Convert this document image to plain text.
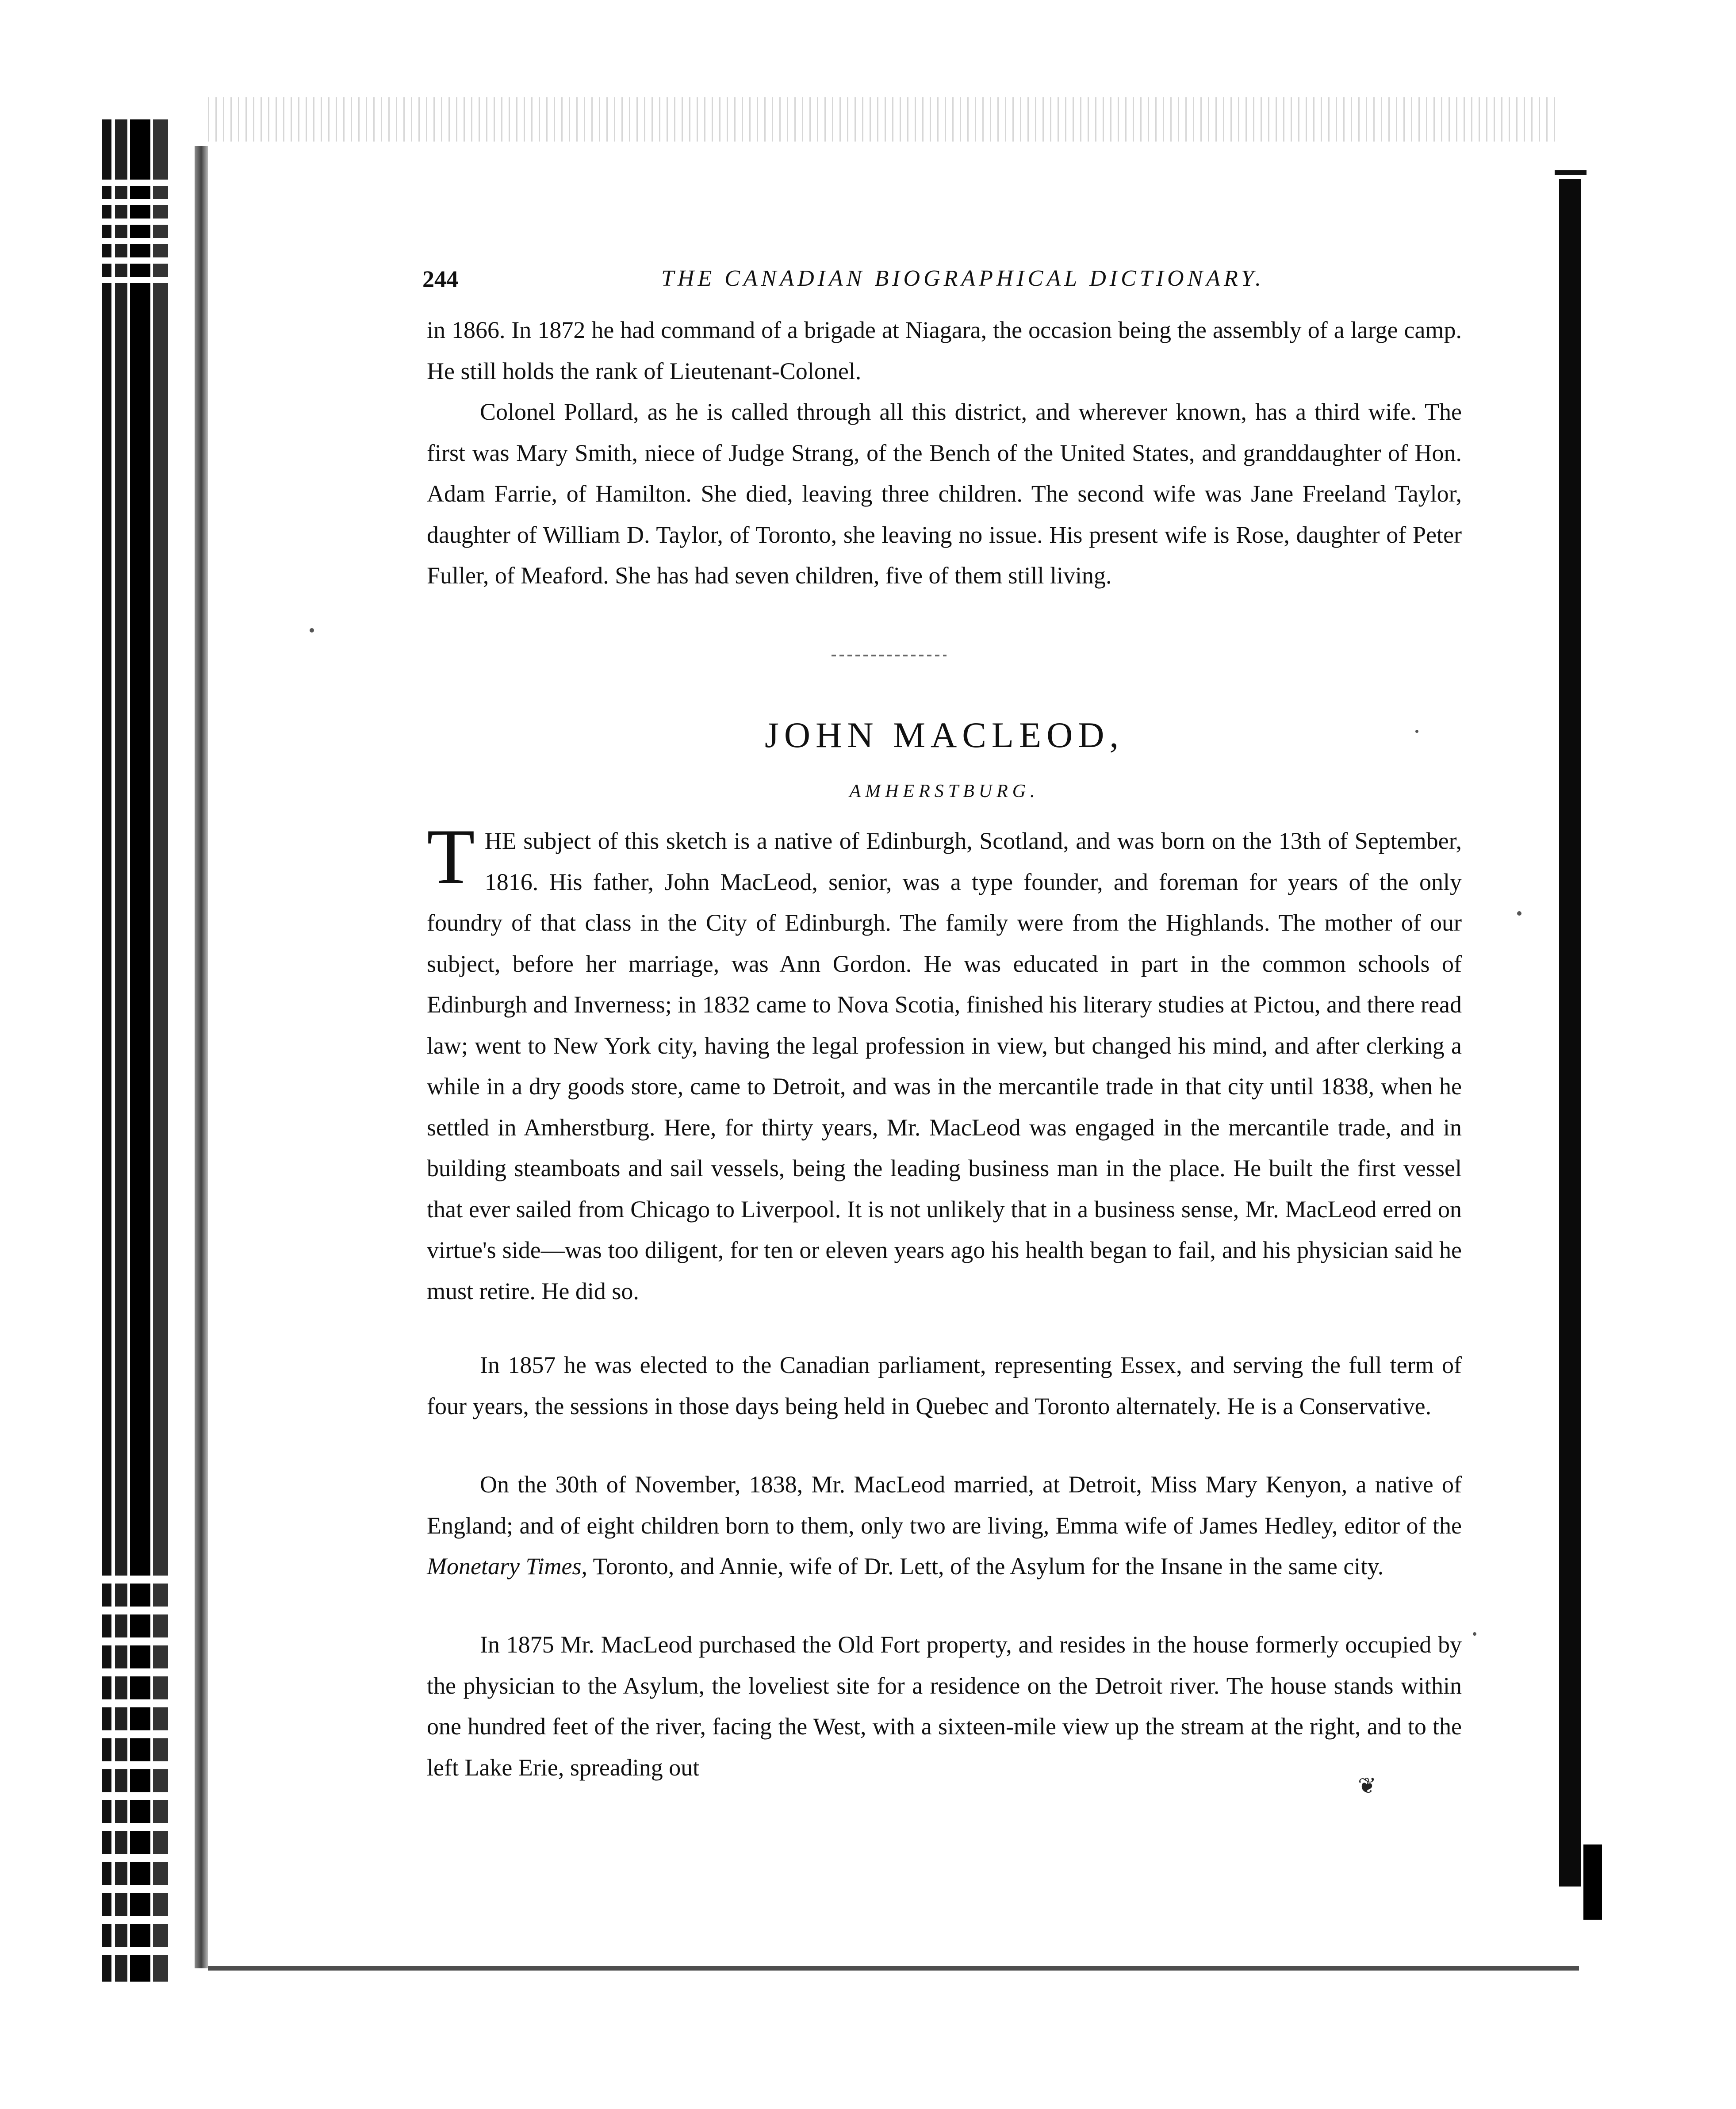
244	THE CANADIAN BIOGRAPHICAL DICTIONARY.

in 1866. In 1872 he had command of a brigade at Niagara, the occasion being the assembly of a large camp. He still holds the rank of Lieutenant-Colonel.

Colonel Pollard, as he is called through all this district, and wherever known, has a third wife. The first was Mary Smith, niece of Judge Strang, of the Bench of the United States, and granddaughter of Hon. Adam Farrie, of Hamilton. She died, leaving three children. The second wife was Jane Freeland Taylor, daughter of William D. Taylor, of Toronto, she leaving no issue. His present wife is Rose, daughter of Peter Fuller, of Meaford. She has had seven children, five of them still living.

JOHN MACLEOD,
AMHERSTBURG.

THE subject of this sketch is a native of Edinburgh, Scotland, and was born on the 13th of September, 1816. His father, John MacLeod, senior, was a type founder, and foreman for years of the only foundry of that class in the City of Edinburgh. The family were from the Highlands. The mother of our subject, before her marriage, was Ann Gordon. He was educated in part in the common schools of Edinburgh and Inverness; in 1832 came to Nova Scotia, finished his literary studies at Pictou, and there read law; went to New York city, having the legal profession in view, but changed his mind, and after clerking a while in a dry goods store, came to Detroit, and was in the mercantile trade in that city until 1838, when he settled in Amherstburg. Here, for thirty years, Mr. MacLeod was engaged in the mercantile trade, and in building steamboats and sail vessels, being the leading business man in the place. He built the first vessel that ever sailed from Chicago to Liverpool. It is not unlikely that in a business sense, Mr. MacLeod erred on virtue's side—was too diligent, for ten or eleven years ago his health began to fail, and his physician said he must retire. He did so.

In 1857 he was elected to the Canadian parliament, representing Essex, and serving the full term of four years, the sessions in those days being held in Quebec and Toronto alternately. He is a Conservative.

On the 30th of November, 1838, Mr. MacLeod married, at Detroit, Miss Mary Kenyon, a native of England; and of eight children born to them, only two are living, Emma wife of James Hedley, editor of the Monetary Times, Toronto, and Annie, wife of Dr. Lett, of the Asylum for the Insane in the same city.

In 1875 Mr. MacLeod purchased the Old Fort property, and resides in the house formerly occupied by the physician to the Asylum, the loveliest site for a residence on the Detroit river. The house stands within one hundred feet of the river, facing the West, with a sixteen-mile view up the stream at the right, and to the left Lake Erie, spreading out

❦
